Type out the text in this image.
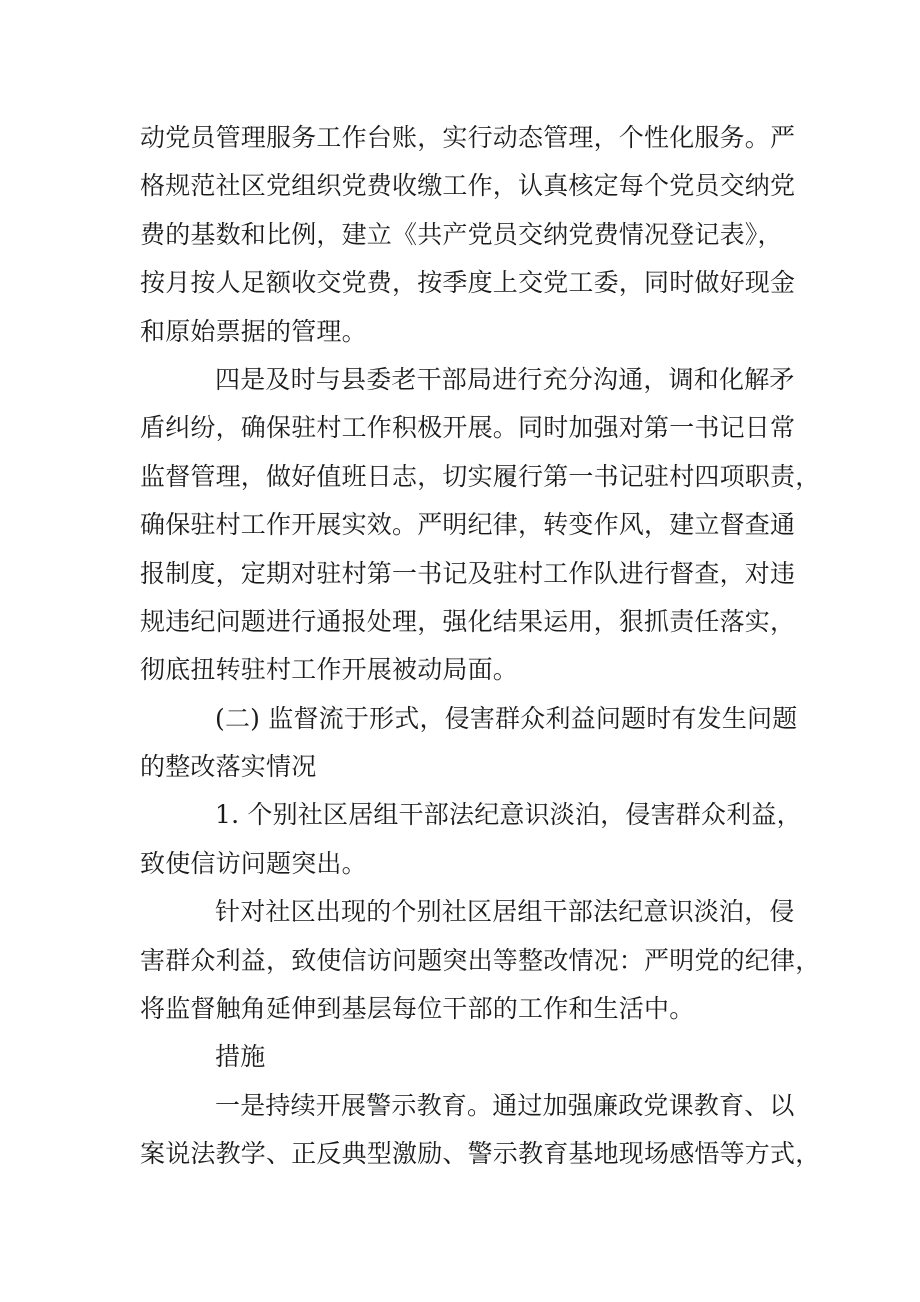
动党员管理服务工作台账，实行动态管理，个性化服务。严
格规范社区党组织党费收缴工作，认真核定每个党员交纳党
费的基数和比例，建立《共产党员交纳党费情况登记表》，
按月按人足额收交党费，按季度上交党工委，同时做好现金
和原始票据的管理。
四是及时与县委老干部局进行充分沟通，调和化解矛
盾纠纷，确保驻村工作积极开展。同时加强对第一书记日常
监督管理，做好值班日志，切实履行第一书记驻村四项职责，
确保驻村工作开展实效。严明纪律，转变作风，建立督查通
报制度，定期对驻村第一书记及驻村工作队进行督查，对违
规违纪问题进行通报处理，强化结果运用，狠抓责任落实，
彻底扭转驻村工作开展被动局面。
(二) 监督流于形式，侵害群众利益问题时有发生问题
的整改落实情况
1. 个别社区居组干部法纪意识淡泊，侵害群众利益，
致使信访问题突出。
针对社区出现的个别社区居组干部法纪意识淡泊，侵
害群众利益，致使信访问题突出等整改情况：严明党的纪律，
将监督触角延伸到基层每位干部的工作和生活中。
措施
一是持续开展警示教育。通过加强廉政党课教育、以
案说法教学、正反典型激励、警示教育基地现场感悟等方式，
